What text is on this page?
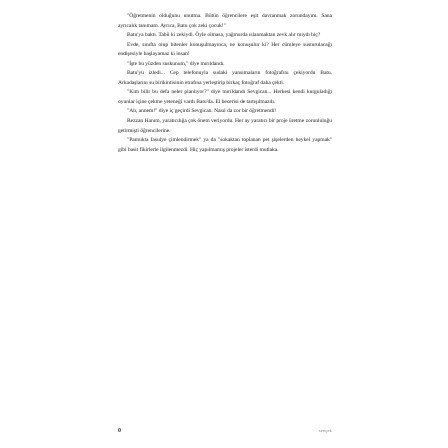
"Öğretmenin olduğunu unutma. Bütün öğrencilere eşit davranmak zorundayım. Sana ayrıcalık tanımam. Ayrıca, Batu çok zeki çocuk!"

Batu'ya baktı. Tabii ki zekiydi. Öyle olmasa, yağmurda ıslanmaktan zevk alır mıydı hiç?

Evde, sınıfta olup bitenler konuşulmayınca, ne konuşulur ki? Her cümleye susturulacağı endişesiyle başlayamaz ki insan!

"İşte bu yüzden suskunum," diye mırıldandı.

Batu'yu izledi... Cep telefonuyla sudaki yansımaların fotoğrafını çekiyordu Batu. Arkadaşlarını su birikintisinin etrafına yerleştirip birkaç fotoğraf daha çekti.

"Kim bilir bu defa neler planlıyor?" diye mırıldandı Sevgican... Herkesi kendi kurguladığı oyunlar içine çekme yeteneği vardı Batu'da. El becerisi de tartışılmazdı.

"Ah, annem!" diye iç geçirdi Sevgican. Nasıl da zor bir öğretmendi!

Rezzan Hanım, yaratıcılığa çok önem veriyordu. Her ay yaratıcı bir proje üretme zorunluluğu getirmişti öğrencilerine.

"Pamukta fasulye çimlendirmek" ya da "sokaktan toplanan pet şişelerden heykel yapmak" gibi basit fikirlerle ilgilenmezdi. Hiç yapılmamış projeler isterdi mutlaka.

0	seeçek
